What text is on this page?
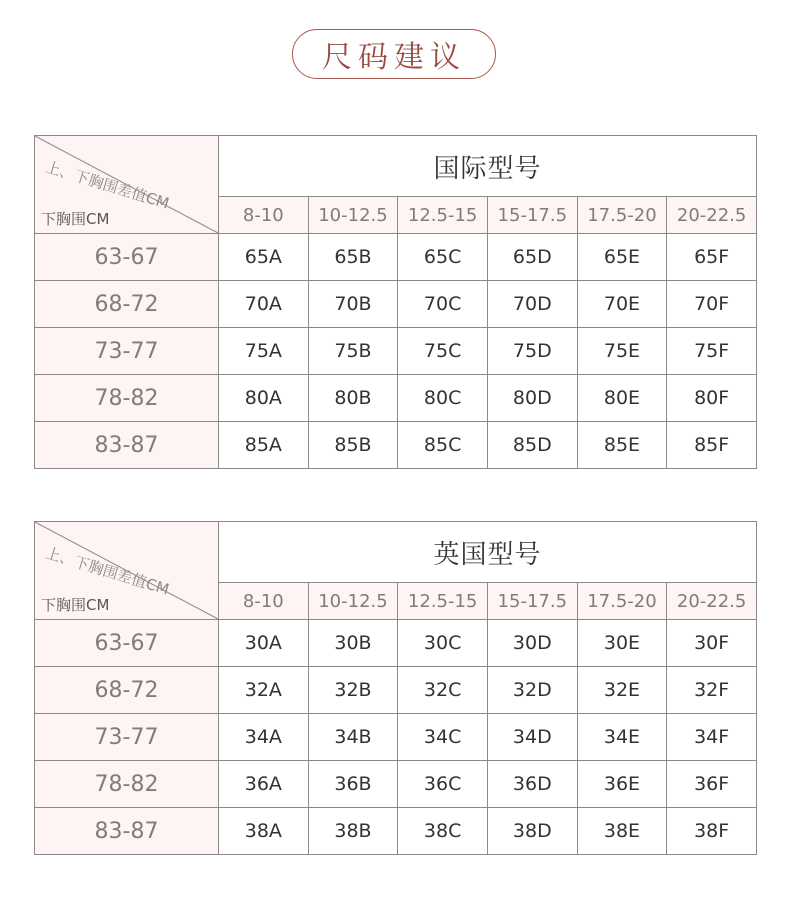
尺码建议
上、下胸围差值CM
下胸围CM	国际型号					
	8-10	10-12.5	12.5-15	15-17.5	17.5-20	20-22.5
63-67	65A	65B	65C	65D	65E	65F
68-72	70A	70B	70C	70D	70E	70F
73-77	75A	75B	75C	75D	75E	75F
78-82	80A	80B	80C	80D	80E	80F
83-87	85A	85B	85C	85D	85E	85F
上、下胸围差值CM
下胸围CM	英国型号					
	8-10	10-12.5	12.5-15	15-17.5	17.5-20	20-22.5
63-67	30A	30B	30C	30D	30E	30F
68-72	32A	32B	32C	32D	32E	32F
73-77	34A	34B	34C	34D	34E	34F
78-82	36A	36B	36C	36D	36E	36F
83-87	38A	38B	38C	38D	38E	38F
